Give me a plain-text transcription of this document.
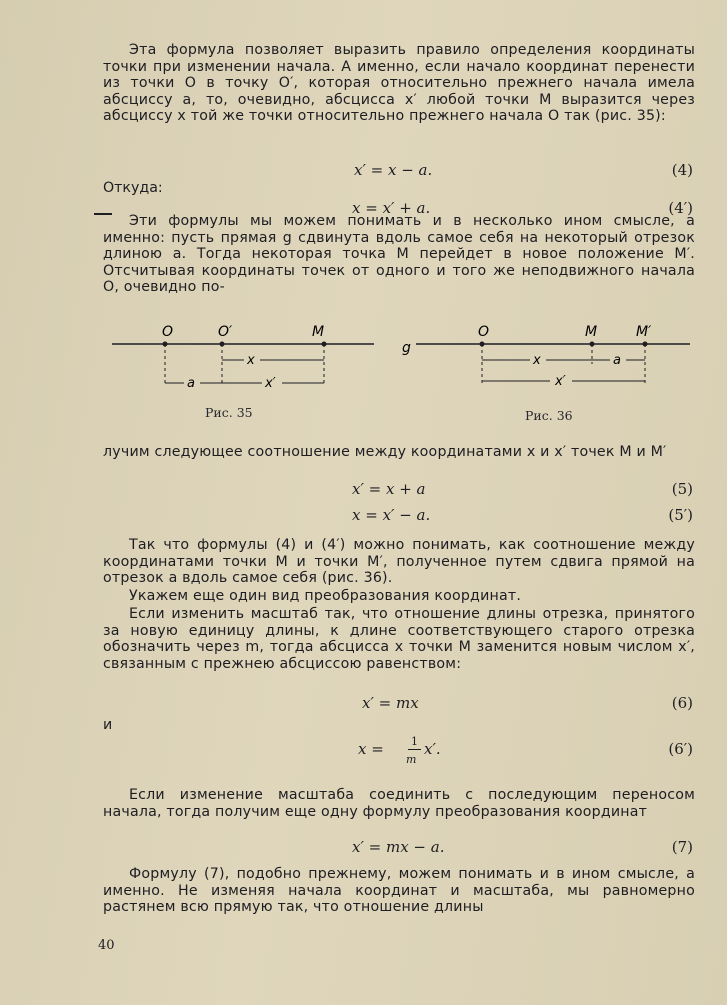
Эта формула позволяет выразить правило определения координаты точки при изменении начала. А именно, если начало координат перенести из точки O в точку O′, которая относительно прежнего начала имела абсциссу a, то, очевидно, абсцисса x′ любой точки M выразится через абсциссу x той же точки относительно прежнего начала O так (рис. 35):

x′ = x − a.	(4)
Откуда:
x = x′ + a.	(4′)

Эти формулы мы можем понимать и в несколько ином смысле, а именно: пусть прямая g сдвинута вдоль самое себя на некоторый отрезок длиною a. Тогда некоторая точка M перейдет в новое положение M′. Отсчитывая координаты точек от одного и того же неподвижного начала O, очевидно по-

O	O′	M
x
a	x′
Рис. 35
g
O	M	M′
x	a
x′
Рис. 36

лучим следующее соотношение между координатами x и x′ точек M и M′

x′ = x + a	(5)
x = x′ − a.	(5′)

Так что формулы (4) и (4′) можно понимать, как соотношение между координатами точки M и точки M′, полученное путем сдвига прямой на отрезок a вдоль самое себя (рис. 36).

Укажем еще один вид преобразования координат.

Если изменить масштаб так, что отношение длины отрезка, принятого за новую единицу длины, к длине соответствующего старого отрезка обозначить через m, тогда абсцисса x точки M заменится новым числом x′, связанным с прежнею абсциссою равенством:

x′ = mx	(6)
и
x = 1
m
x′.	(6′)

Если изменение масштаба соединить с последующим переносом начала, тогда получим еще одну формулу преобразования координат

x′ = mx − a.	(7)

Формулу (7), подобно прежнему, можем понимать и в ином смысле, а именно. Не изменяя начала координат и масштаба, мы равномерно растянем всю прямую так, что отношение длины

40
